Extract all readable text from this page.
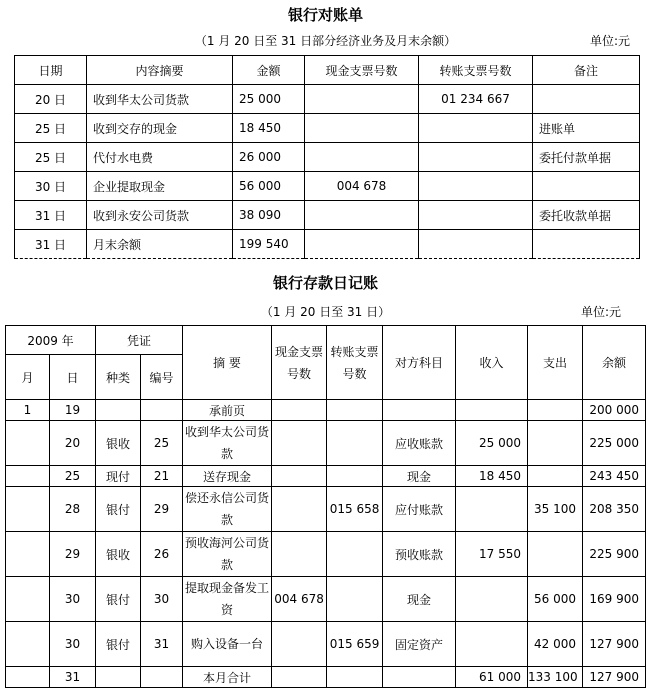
银行对账单
（1 月 20 日至 31 日部分经济业务及月末余额）	单位:元
日期	内容摘要	金额	现金支票号数	转账支票号数	备注
20 日	收到华太公司货款	25 000		01 234 667	
25 日	收到交存的现金	18 450			进账单
25 日	代付水电费	26 000			委托付款单据
30 日	企业提取现金	56 000	004 678		
31 日	收到永安公司货款	38 090			委托收款单据
31 日	月末余额	199 540			
银行存款日记账
（1 月 20 日至 31 日）	单位:元
2009 年		凭证		摘 要	现金支票号数	转账支票号数	对方科目	收入	支出	余额
月	日	种类	编号							
1	19			承前页						200 000
	20	银收	25	收到华太公司货款			应收账款	25 000		225 000
	25	现付	21	送存现金			现金	18 450		243 450
	28	银付	29	偿还永信公司货款		015 658	应付账款		35 100	208 350
	29	银收	26	预收海河公司货款			预收账款	17 550		225 900
	30	银付	30	提取现金备发工资	004 678		现金		56 000	169 900
	30	银付	31	购入设备一台		015 659	固定资产		42 000	127 900
	31			本月合计				61 000	133 100	127 900
